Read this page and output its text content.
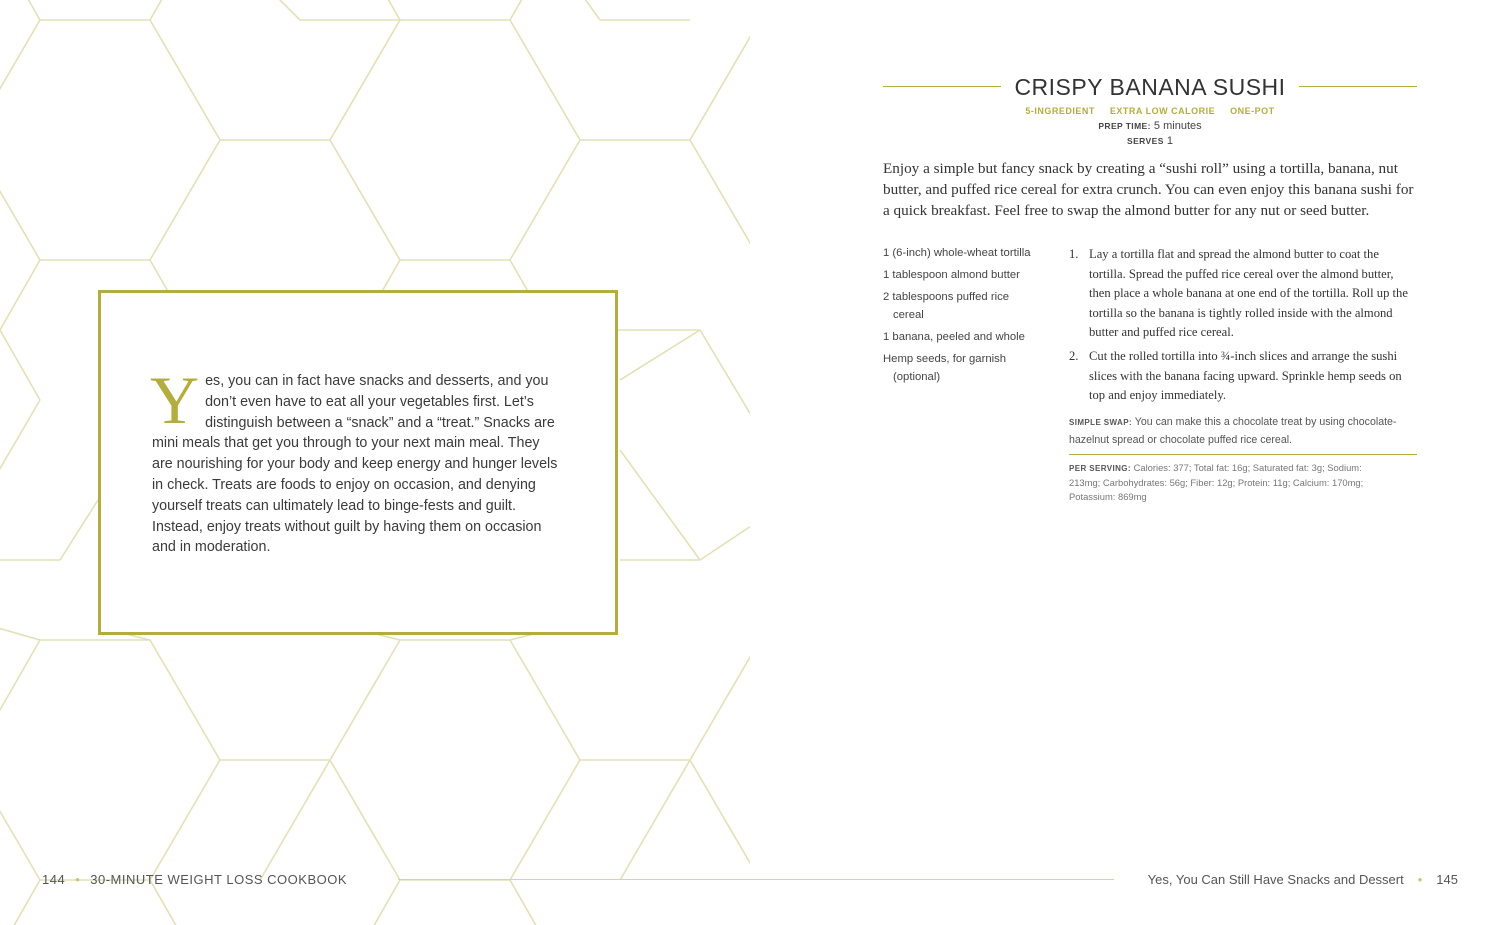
Yes, you can in fact have snacks and desserts, and you don’t even have to eat all your vegetables first. Let’s distinguish between a “snack” and a “treat.” Snacks are mini meals that get you through to your next main meal. They are nourishing for your body and keep energy and hunger levels in check. Treats are foods to enjoy on occasion, and denying yourself treats can ultimately lead to binge-fests and guilt. Instead, enjoy treats without guilt by having them on occasion and in moderation.
144 • 30-MINUTE WEIGHT LOSS COOKBOOK
CRISPY BANANA SUSHI
5-INGREDIENT EXTRA LOW CALORIE ONE-POT
PREP TIME: 5 minutes
SERVES 1
Enjoy a simple but fancy snack by creating a “sushi roll” using a tortilla, banana, nut butter, and puffed rice cereal for extra crunch. You can even enjoy this banana sushi for a quick breakfast. Feel free to swap the almond butter for any nut or seed butter.
1 (6-inch) whole-wheat tortilla
1 tablespoon almond butter
2 tablespoons puffed rice cereal
1 banana, peeled and whole
Hemp seeds, for garnish (optional)
1. Lay a tortilla flat and spread the almond butter to coat the tortilla. Spread the puffed rice cereal over the almond butter, then place a whole banana at one end of the tortilla. Roll up the tortilla so the banana is tightly rolled inside with the almond butter and puffed rice cereal.
2. Cut the rolled tortilla into ¾-inch slices and arrange the sushi slices with the banana facing upward. Sprinkle hemp seeds on top and enjoy immediately.
SIMPLE SWAP: You can make this a chocolate treat by using chocolate-hazelnut spread or chocolate puffed rice cereal.
PER SERVING: Calories: 377; Total fat: 16g; Saturated fat: 3g; Sodium: 213mg; Carbohydrates: 56g; Fiber: 12g; Protein: 11g; Calcium: 170mg; Potassium: 869mg
Yes, You Can Still Have Snacks and Dessert • 145
